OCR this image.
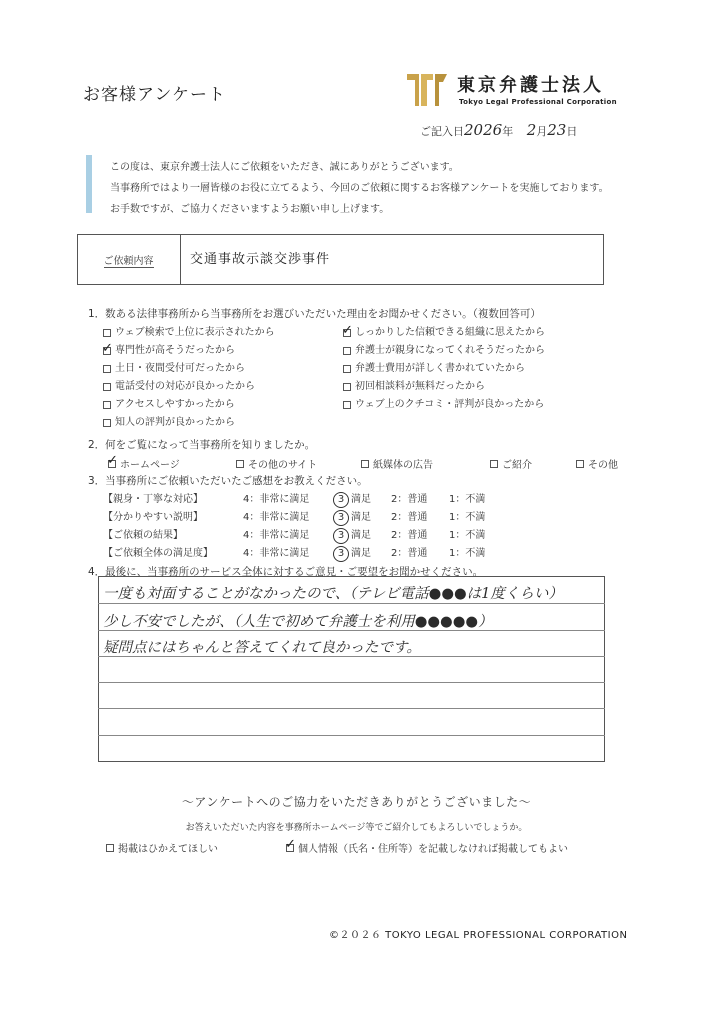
お客様アンケート	東京弁護士法人
Tokyo Legal Professional Corporation
ご記入日2026年 2月23日
この度は、東京弁護士法人にご依頼をいただき、誠にありがとうございます。
当事務所ではより一層皆様のお役に立てるよう、今回のご依頼に関するお客様アンケートを実施しております。
お手数ですが、ご協力くださいますようお願い申し上げます。
ご依頼内容	交通事故示談交渉事件
1．数ある法律事務所から当事務所をお選びいただいた理由をお聞かせください。（複数回答可）
ウェブ検索で上位に表示されたから
✓
専門性が高そうだったから
土日・夜間受付可だったから
電話受付の対応が良かったから
アクセスしやすかったから
知人の評判が良かったから
✓
しっかりした信頼できる組織に思えたから
弁護士が親身になってくれそうだったから
弁護士費用が詳しく書かれていたから
初回相談料が無料だったから
ウェブ上のクチコミ・評判が良かったから
2．何をご覧になって当事務所を知りましたか。
✓
ホームページ	その他のサイト	紙媒体の広告	ご紹介	その他
3．当事務所にご依頼いただいたご感想をお教えください。
【親身・丁寧な対応】	4：非常に満足	3 満足 2：普通 1：不満
【分かりやすい説明】	4：非常に満足	3 満足 2：普通 1：不満
【ご依頼の結果】	4：非常に満足	3 満足 2：普通 1：不満
【ご依頼全体の満足度】	4：非常に満足	3 満足 2：普通 1：不満
4．最後に、当事務所のサービス全体に対するご意見・ご要望をお聞かせください。
一度も対面することがなかったので、（テレビ電話●●●は1度くらい）
少し不安でしたが、（人生で初めて弁護士を利用●●●●●）
疑問点にはちゃんと答えてくれて良かったです。
～アンケートへのご協力をいただきありがとうございました～
お答えいただいた内容を事務所ホームページ等でご紹介してもよろしいでしょうか。
掲載はひかえてほしい
✓	個人情報（氏名・住所等）を記載しなければ掲載してもよい
©２０２６ TOKYO LEGAL PROFESSIONAL CORPORATION
